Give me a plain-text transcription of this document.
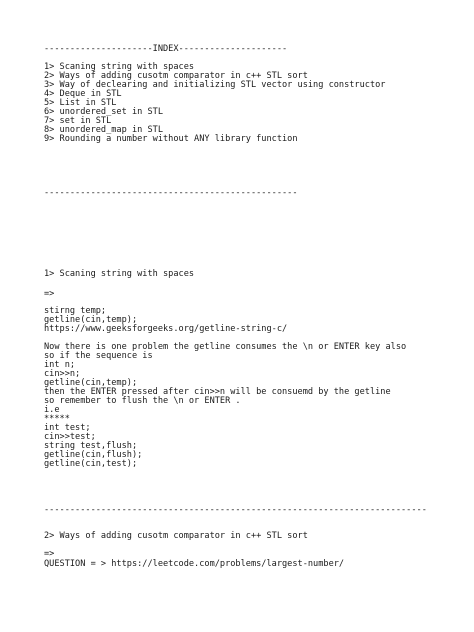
---------------------INDEX---------------------
1> Scaning string with spaces
2> Ways of adding cusotm comparator in c++ STL sort
3> Way of declearing and initializing STL vector using constructor
4> Deque in STL
5> List in STL
6> unordered_set in STL
7> set in STL
8> unordered_map in STL
9> Rounding a number without ANY library function
-------------------------------------------------
1> Scaning string with spaces
=>
stirng temp;
getline(cin,temp);
https://www.geeksforgeeks.org/getline-string-c/
Now there is one problem the getline consumes the \n or ENTER key also
so if the sequence is
int n;
cin>>n;
getline(cin,temp);
then the ENTER pressed after cin>>n will be consuemd by the getline
so remember to flush the \n or ENTER .
i.e
*****
int test;
cin>>test;
string test,flush;
getline(cin,flush);
getline(cin,test);
--------------------------------------------------------------------------
2> Ways of adding cusotm comparator in c++ STL sort
=>
QUESTION = > https://leetcode.com/problems/largest-number/
